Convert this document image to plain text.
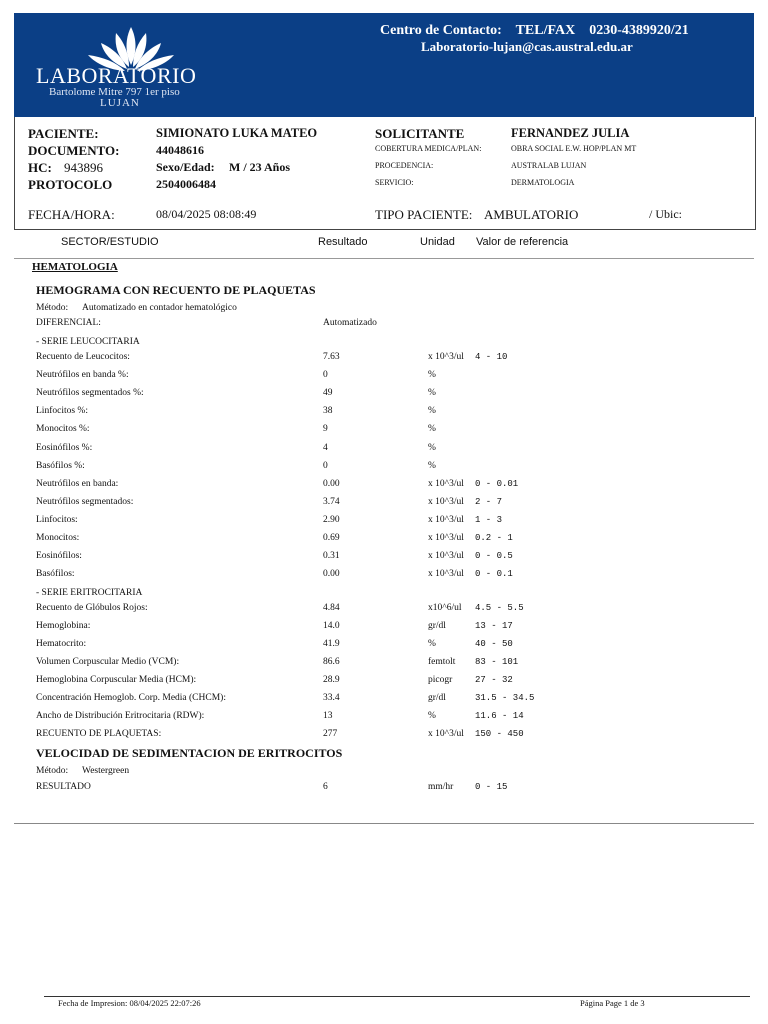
LABORATORIO
Bartolome Mitre 797 1er piso
LUJAN
Centro de Contacto:    TEL/FAX    0230-4389920/21
Laboratorio-lujan@cas.austral.edu.ar
PACIENTE:	SIMIONATO LUKA MATEO
DOCUMENTO:	44048616
HC: 943896	Sexo/Edad: M / 23 Años
PROTOCOLO	2504006484
SOLICITANTE	FERNANDEZ JULIA
COBERTURA MEDICA/PLAN:	OBRA SOCIAL E.W. HOP/PLAN MT
PROCEDENCIA:	AUSTRALAB LUJAN
SERVICIO:	DERMATOLOGIA
FECHA/HORA:	08/04/2025 08:08:49	TIPO PACIENTE: AMBULATORIO	/ Ubic:
SECTOR/ESTUDIO	Resultado	Unidad Valor de referencia
HEMATOLOGIA
HEMOGRAMA CON RECUENTO DE PLAQUETAS
Método: Automatizado en contador hematológico
DIFERENCIAL:	Automatizado
- SERIE LEUCOCITARIA
Recuento de Leucocitos:	7.63	x 10^3/ul 4 - 10
Neutrófilos en banda %:	0	%
Neutrófilos segmentados %:	49	%
Linfocitos %:	38	%
Monocitos %:	9	%
Eosinófilos %:	4	%
Basófilos %:	0	%
Neutrófilos en banda:	0.00	x 10^3/ul 0 - 0.01
Neutrófilos segmentados:	3.74	x 10^3/ul 2 - 7
Linfocitos:	2.90	x 10^3/ul 1 - 3
Monocitos:	0.69	x 10^3/ul 0.2 - 1
Eosinófilos:	0.31	x 10^3/ul 0 - 0.5
Basófilos:	0.00	x 10^3/ul 0 - 0.1
- SERIE ERITROCITARIA
Recuento de Glóbulos Rojos:	4.84	x10^6/ul 4.5 - 5.5
Hemoglobina:	14.0	gr/dl	13 - 17
Hematocrito:	41.9	%	40 - 50
Volumen Corpuscular Medio (VCM):	86.6	femtolt 83 - 101
Hemoglobina Corpuscular Media (HCM):	28.9	picogr	27 - 32
Concentración Hemoglob. Corp. Media (CHCM):	33.4	gr/dl	31.5 - 34.5
Ancho de Distribución Eritrocitaria (RDW):	13	%	11.6 - 14
RECUENTO DE PLAQUETAS:	277	x 10^3/ul 150 - 450
VELOCIDAD DE SEDIMENTACION DE ERITROCITOS
Método: Westergreen
RESULTADO	6	mm/hr 0 - 15
Fecha de Impresion: 08/04/2025 22:07:26	Página Page 1 de 3
